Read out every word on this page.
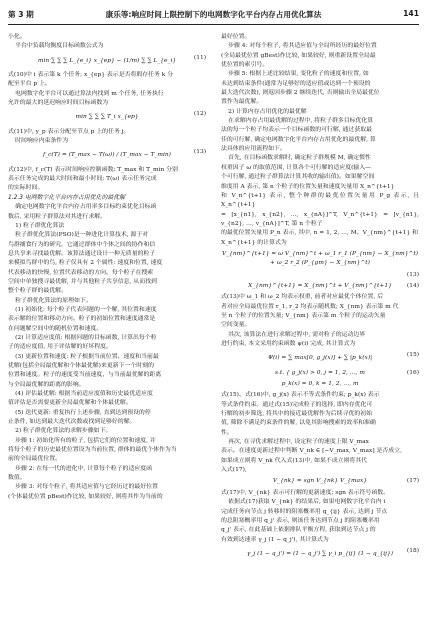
第 3 期	康乐等:响应时间上限控制下的电网数字化平台内存占用优化算法	141

小化。

平台中负载均衡度目标函数公式为

min ∑ ∑ ∑ L_{e_i} x_{ep} − (1/m) ∑ ∑ L_{e_i}	(11)

式(10)中 i 表示第 k 个任务; x_{ep} 表示是否将瑕存任务 k 分

配至平台 p 上。

电网数字化平台可以通过算法内找到 m 个任务, 任务执行

允许的最大的延迟响应时间目标函数为

min ∑ ∑ ∑ T_i x_{ep}	(12)

式(11)中, y_p 表示分配至节点 p 上的任务 j。

时间响应内束条件为

f_c(T) = (T_max − T(ω)) / (T_max − T_min)	(13)

式(12)中, f_c(T) 表示时间响应控制函数; T_max 和 T_min 分别

表示任务完成的最大时间和最小时间; T(ω) 表示任务完成

的实际时间。

1.2.3 电网数字化平台内存占用优化的最优解

确定电网数字化平台内存占用率多目标约束优化目标函

数后, 采用粒子群算法对其进行求解。

1) 粒子群优化算法

粒子群优化算法(PSO)是一种进化计算技术, 源于对

鸟群捕食行为的研究。它通过群体中个体之间的协作和信

息共享来寻找最优解。该算法通过设计一种无质量的粒子

来模拟鸟群中的鸟, 粒子仅具有 2 个属性: 速度和位置, 速度

代表移动的快慢, 位置代表移动的方向。每个粒子在搜索

空间中单独搜寻最优解, 并与其他粒子共享信息, 从而找到

整个粒子群的最优解。

粒子群优化算法的原理如下。

(1) 初始化: 每个粒子代表问题的一个解, 其位置和速度

表示解的位置和移动方向。粒子的初始位置和速度通常是

在问题解空间中的随机位置和速度。

(2) 计算适应度值: 根据问题的目标函数, 计算出每个粒

子的适应度值, 用于评估解的好坏程度。

(3) 更新位置和速度: 粒子根据当前位置、速度和当前最

优解(包括全局最优解和个体最优解)来更新下一个时刻的

位置和速度。粒子的速度受当前速度、与当前最优解的距离

与全局最优解的距离的影响。

(4) 评估最优解: 根据当前适应度值和历史最优适应度

值评估是否需要更新全局最优解和个体最优解。

(5) 迭代更新: 重复执行上述步骤, 直到达到预设的停

止条件, 如达到最大迭代次数或找到足够好的解。

2) 粒子群优化算法的求解步骤如下。

步骤 1: 初始化所有的粒子, 包括它们的位置和速度, 并

将每个粒子的历史最优位置设为当前位置, 群体的最优个体作为当

前的全局最优位置。

步骤 2: 在每一代的进化中, 计算每个粒子的适应度函

数值。

步骤 3: 对每个粒子, 将其适应值与它经历过的最好位置

(个体最优位置 pBest)作比较, 如果较好, 则将其作为当前的

最好位置。

步骤 4: 对每个粒子, 将其适应值与全局所经历的最好位置

(全局最优位置 gBest)作比较, 如果较好, 则重新设置全局最

优位置的索引号。

步骤 5: 根据上述比较结果, 变化粒子的速度和位置, 如

未达到结束条件(通常为足够好的适应值或达到一个预设的

最大迭代次数), 则返回步骤 2 继续迭代, 否则输出全局最优位

置作为最优解。

2) 计算内存占用优化的最优解

在求解内存占用最优解的过程中, 将粒子群多目标优化算

法的每一个粒子均表示一个目标函数的可行解, 通过获取最

佳的可行解, 确定电网数字化平台内存占用优化的最优解, 算

法具体的应用流程如下。

首先, 在目标函数求解时, 确定粒子群规模 M, 确定惯性

权重因子 ω 的取值范围, 计算各个可行解的适应度(输入—

个可行解, 通过粒子群算法计算其收的输出值)。如果解空间

维度用 A 表示, 第 n 个粒子的位置矢量和速度矢量用 X_n^{t+1}

和 V_n^{t+1} 表示, 整个种群的最优位置矢量用 P_g 表示, 且 X_n^{t+1}

= [x_{n1}, x_{n2}, …, x_{nA}]^T, V_n^{t+1} = [v_{n1}, v_{n2}, …, v_{nA}]^T, 第 n 个粒子

的最优位置矢量用 P_n 表示, 其中, n = 1, 2, …, M。V_{nm}^{t+1} 和

X_n^{t+1} 的计算式为

V_{nm}^{t+1} = ω V_{nm}^t + ω_1 r_1 (P_{nm} − X_{nm}^t) + ω_2 r_2 (P_{gm} − X_{nm}^t)
(13)

X_{nm}^{t+1} = X_{nm}^t + V_{nm}^{t+1}	(14)

式(13)中 ω_1 和 ω_2 均表示权重, 前者对应最优个体位置, 后

者对应全局最优位置 r_1, r_2 均表示随机数; X_{nm} 表示第 m 代

至 n 个粒子的位置矢量; V_{nm} 表示第 m 个粒子的运动矢量

空间变量。

其次, 该算法在进行求解过程中, 需对粒子的运动边界

进行约束, 本文采用约束函数 ψ(i) 完成, 其计算式为

Ψ(i) = ∑ max[0, g_j(x)] + ∑ |p_k(x)|	(15)
s.t. { g_j(x) > 0, j = 1, 2, …, m	(16)
p_k(x) = 0, k = 1, 2, …, m

式(15)、式(16)中, g_j(x) 表示不等式条件约束; p_k(x) 表示

等式条件约束。通过式(15)完成粒子的选择, 即内存优化可

行解的初步筛选, 将其中的接近最优解作为后续寻优的初始

值, 筛除不满足约束条件的解, 以免其影响搜索的效率和准确

性。

再次, 在寻优求解过程中, 设定粒子的速度上限 V_max

表示。在速度更新过程中判断 V_nk ∈ [−V_max, V_max] 是否成立,

如果成立则将 V_nk 代入式(13)中, 如果不成立则将其代

入式(17),

V_{nk} = sgn V_{nk} V_{max}	(17)

式(17)中, V_{nk} 表示可行解的更新速度; sgn 表示符号函数。

依据式(17)获取 V_{nk} 的结果后, 如果电网数字化平台内 i

完成任务向节点 j 转移时的阻塞概率用 q_{ij} 表示, 达到 j 节点

的总阻塞概率用 q_j' 表示, 则该任务达到节点 j 的阻塞概率用

q_j' 表示, 在此基础上依据排队平衡方程, 获取到达节点 j 的

有效到达速率 γ_j (1 − q_j'), 其计算式为

γ_j (1 − q_j') = (1 − q_j') ∑ γ_i p_{ij} (1 − q_{ij}) (18)
